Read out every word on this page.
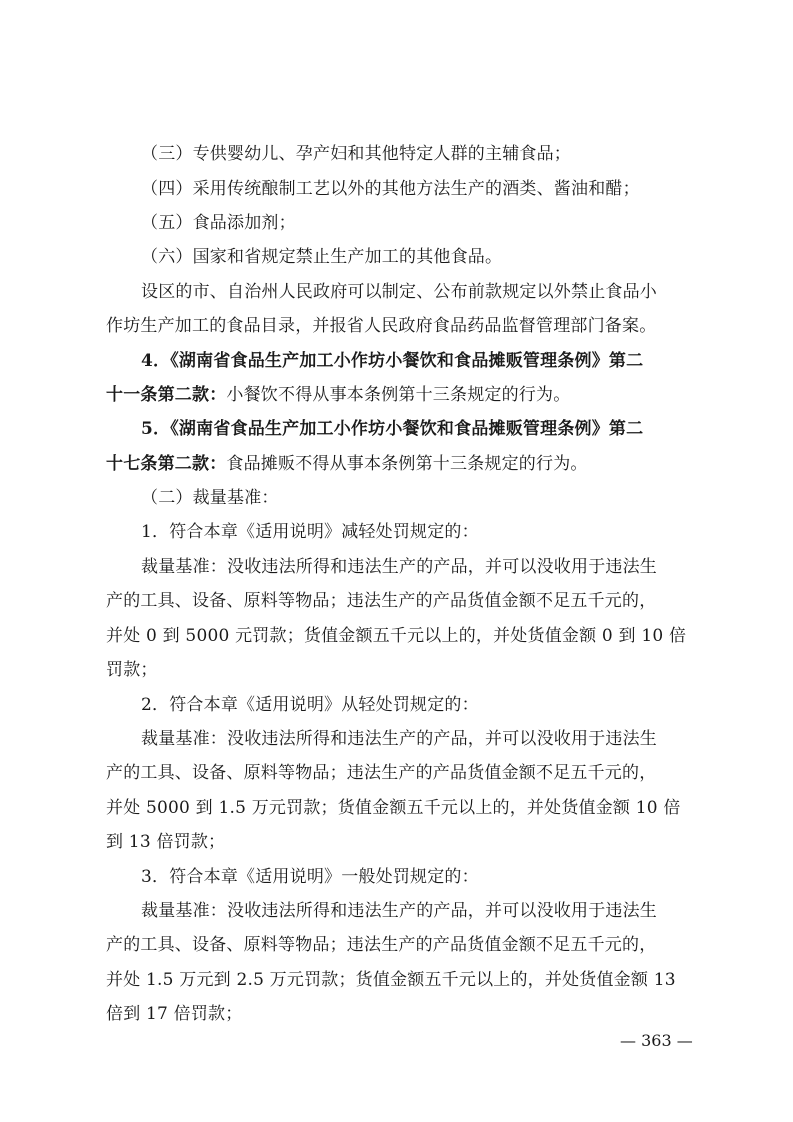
（三）专供婴幼儿、孕产妇和其他特定人群的主辅食品；
（四）采用传统酿制工艺以外的其他方法生产的酒类、酱油和醋；
（五）食品添加剂；
（六）国家和省规定禁止生产加工的其他食品。
设区的市、自治州人民政府可以制定、公布前款规定以外禁止食品小
作坊生产加工的食品目录，并报省人民政府食品药品监督管理部门备案。
4．《湖南省食品生产加工小作坊小餐饮和食品摊贩管理条例》第二
十一条第二款：小餐饮不得从事本条例第十三条规定的行为。
5．《湖南省食品生产加工小作坊小餐饮和食品摊贩管理条例》第二
十七条第二款：食品摊贩不得从事本条例第十三条规定的行为。
（二）裁量基准：
1．符合本章《适用说明》减轻处罚规定的：
裁量基准：没收违法所得和违法生产的产品，并可以没收用于违法生
产的工具、设备、原料等物品；违法生产的产品货值金额不足五千元的，
并处 0 到 5000 元罚款；货值金额五千元以上的，并处货值金额 0 到 10 倍
罚款；
2．符合本章《适用说明》从轻处罚规定的：
裁量基准：没收违法所得和违法生产的产品，并可以没收用于违法生
产的工具、设备、原料等物品；违法生产的产品货值金额不足五千元的，
并处 5000 到 1.5 万元罚款；货值金额五千元以上的，并处货值金额 10 倍
到 13 倍罚款；
3．符合本章《适用说明》一般处罚规定的：
裁量基准：没收违法所得和违法生产的产品，并可以没收用于违法生
产的工具、设备、原料等物品；违法生产的产品货值金额不足五千元的，
并处 1.5 万元到 2.5 万元罚款；货值金额五千元以上的，并处货值金额 13
倍到 17 倍罚款；
— 363 —
